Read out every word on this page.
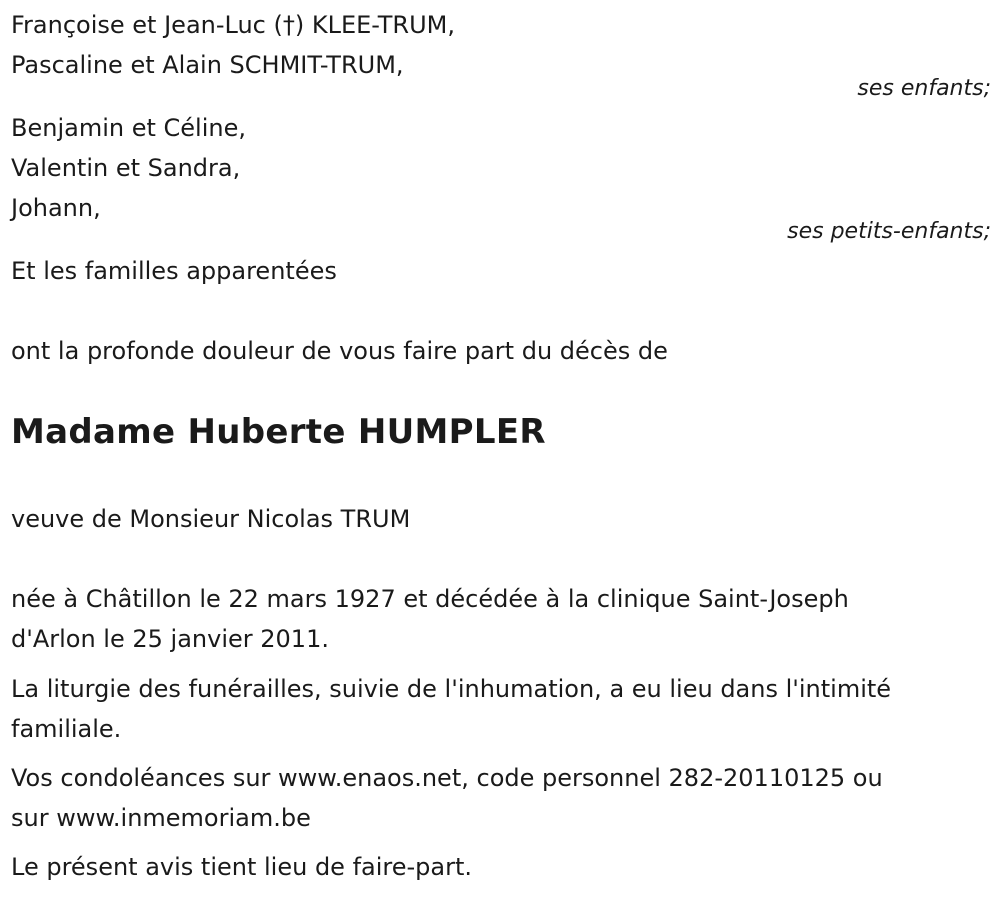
Françoise et Jean-Luc (†) KLEE-TRUM,
Pascaline et Alain SCHMIT-TRUM,
ses enfants;
Benjamin et Céline,
Valentin et Sandra,
Johann,
ses petits-enfants;
Et les familles apparentées
ont la profonde douleur de vous faire part du décès de
Madame Huberte HUMPLER
veuve de Monsieur Nicolas TRUM
née à Châtillon le 22 mars 1927 et décédée à la clinique Saint-Joseph
d'Arlon le 25 janvier 2011.
La liturgie des funérailles, suivie de l'inhumation, a eu lieu dans l'intimité
familiale.
Vos condoléances sur www.enaos.net, code personnel 282-20110125 ou
sur www.inmemoriam.be
Le présent avis tient lieu de faire-part.
